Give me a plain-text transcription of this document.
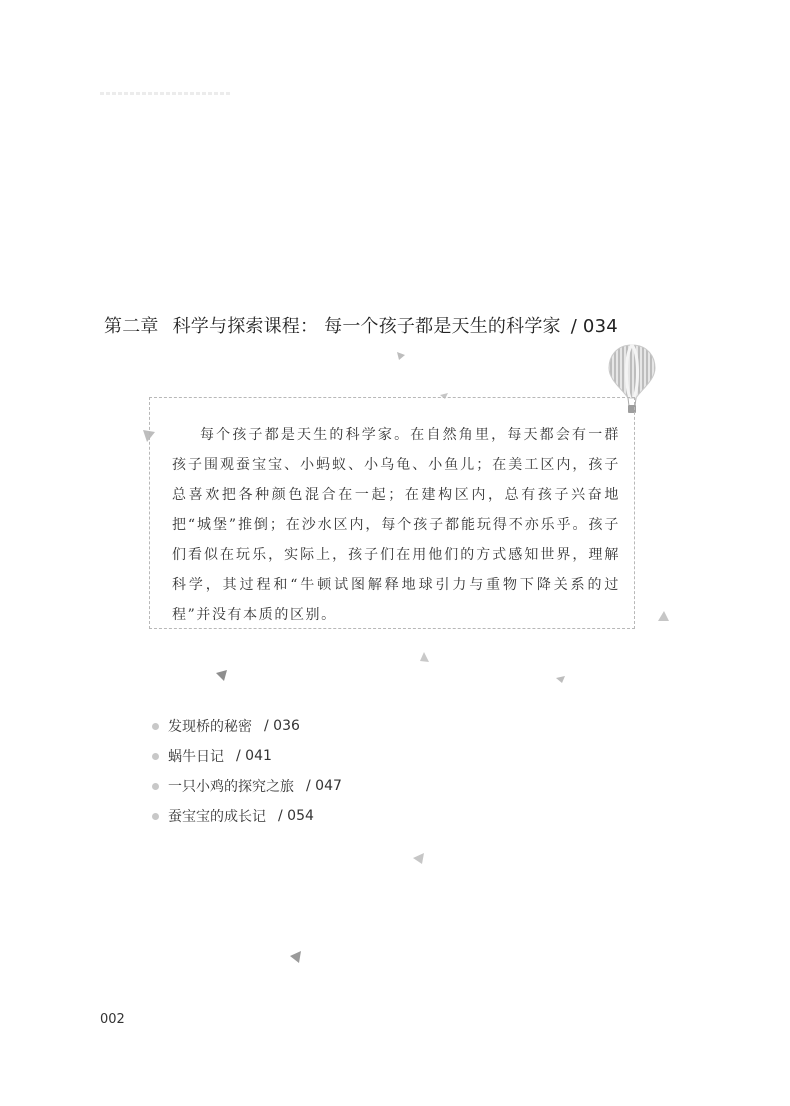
第二章 科学与探索课程： 每一个孩子都是天生的科学家 / 034

每个孩子都是天生的科学家。在自然角里，每天都会有一群孩子围观蚕宝宝、小蚂蚁、小乌龟、小鱼儿；在美工区内，孩子总喜欢把各种颜色混合在一起；在建构区内，总有孩子兴奋地把“城堡”推倒；在沙水区内，每个孩子都能玩得不亦乐乎。孩子们看似在玩乐，实际上，孩子们在用他们的方式感知世界，理解科学，其过程和“牛顿试图解释地球引力与重物下降关系的过程”并没有本质的区别。

发现桥的秘密 / 036
蜗牛日记 / 041
一只小鸡的探究之旅 / 047
蚕宝宝的成长记 / 054
002
